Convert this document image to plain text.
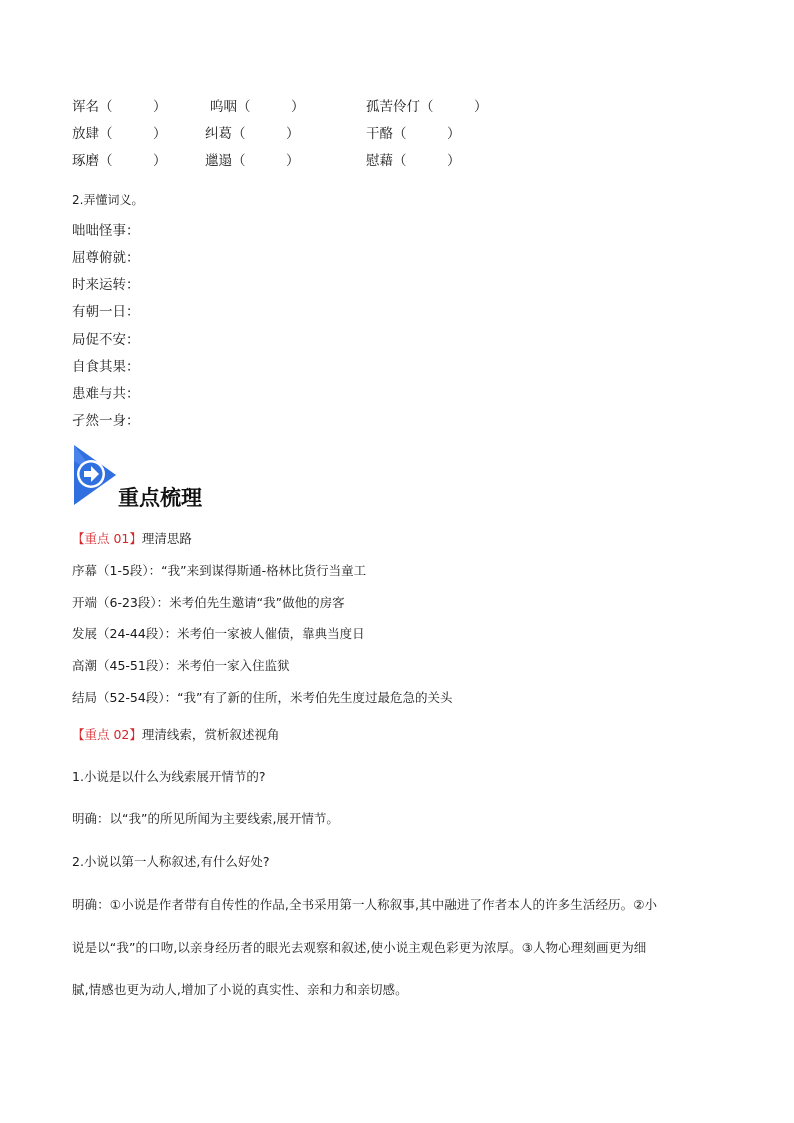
诨名（　　　）	呜咽（　　　）	孤苦伶仃（　　　）
放肆（　　　）	纠葛（　　　）	干酪（　　　）
琢磨（　　　）	邋遢（　　　）	慰藉（　　　）
2.弄懂词义。
咄咄怪事：
屈尊俯就：
时来运转：
有朝一日：
局促不安：
自食其果：
患难与共：
孑然一身：
重点梳理
【重点 01】理清思路
序幕（1-5段）：“我”来到谋得斯通-格林比货行当童工
开端（6-23段）：米考伯先生邀请“我”做他的房客
发展（24-44段）：米考伯一家被人催债，靠典当度日
高潮（45-51段）：米考伯一家入住监狱
结局（52-54段）：“我”有了新的住所，米考伯先生度过最危急的关头
【重点 02】理清线索，赏析叙述视角
1.小说是以什么为线索展开情节的?
明确：以“我”的所见所闻为主要线索,展开情节。
2.小说以第一人称叙述,有什么好处?
明确：①小说是作者带有自传性的作品,全书采用第一人称叙事,其中融进了作者本人的许多生活经历。②小
说是以“我”的口吻,以亲身经历者的眼光去观察和叙述,使小说主观色彩更为浓厚。③人物心理刻画更为细
腻,情感也更为动人,增加了小说的真实性、亲和力和亲切感。
